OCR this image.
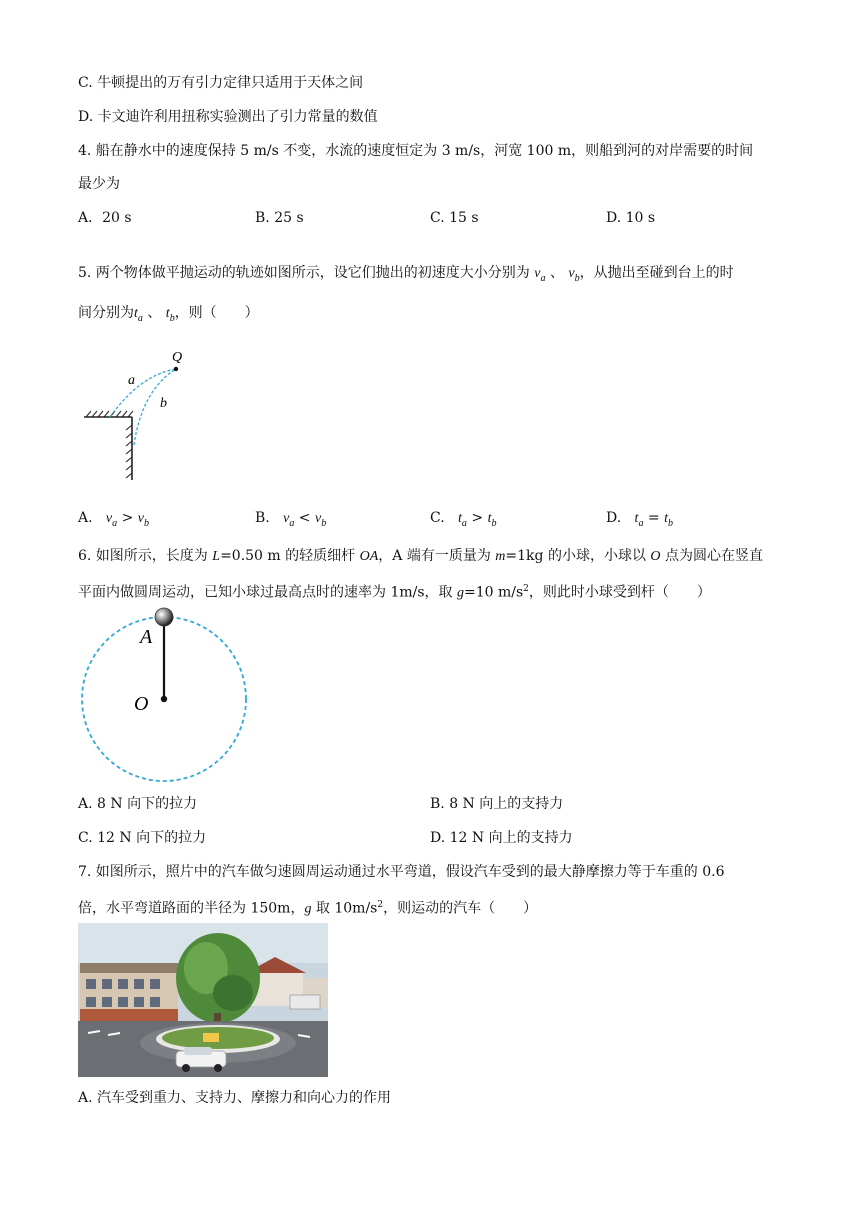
C. 牛顿提出的万有引力定律只适用于天体之间
D. 卡文迪许利用扭称实验测出了引力常量的数值
4. 船在静水中的速度保持 5 m/s 不变，水流的速度恒定为 3 m/s，河宽 100 m，则船到河的对岸需要的时间
最少为
A．20 s	B. 25 s	C. 15 s	D. 10 s
5. 两个物体做平抛运动的轨迹如图所示，设它们抛出的初速度大小分别为 $v_a$ 、 $v_b$，从抛出至碰到台上的时
间分别为$t_a$ 、 $t_b$，则（　　）
Q
a
b
A. $v_a > v_b$	B. $v_a < v_b$	C. $t_a > t_b$	D. $t_a = t_b$
6. 如图所示，长度为 L=0.50 m 的轻质细杆 OA，A 端有一质量为 m=1kg 的小球，小球以 O 点为圆心在竖直
平面内做圆周运动，已知小球过最高点时的速率为 1m/s，取 g=10 $m/s^2$，则此时小球受到杆（　　）
A
O
A. 8 N 向下的拉力	B. 8 N 向上的支持力
C. 12 N 向下的拉力	D. 12 N 向上的支持力
7. 如图所示，照片中的汽车做匀速圆周运动通过水平弯道，假设汽车受到的最大静摩擦力等于车重的 0.6
倍，水平弯道路面的半径为 150m，g 取 $10m/s^2$，则运动的汽车（　　）
A. 汽车受到重力、支持力、摩擦力和向心力的作用
